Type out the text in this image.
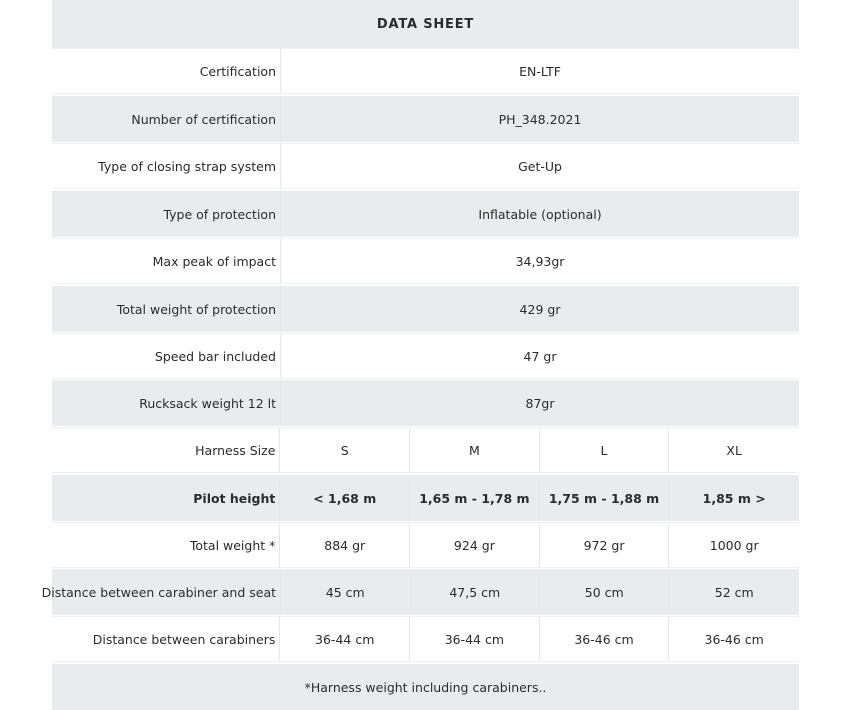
DATA SHEET
Certification	EN-LTF
Number of certification	PH_348.2021
Type of closing strap system	Get-Up
Type of protection	Inflatable (optional)
Max peak of impact	34,93gr
Total weight of protection	429 gr
Speed bar included	47 gr
Rucksack weight 12 lt	87gr
Harness Size	S	M	L	XL
Pilot height	< 1,68 m	1,65 m - 1,78 m	1,75 m - 1,88 m	1,85 m >
Total weight *	884 gr	924 gr	972 gr	1000 gr
Distance between carabiner and seat	45 cm	47,5 cm	50 cm	52 cm
Distance between carabiners	36-44 cm	36-44 cm	36-46 cm	36-46 cm
*Harness weight including carabiners..
